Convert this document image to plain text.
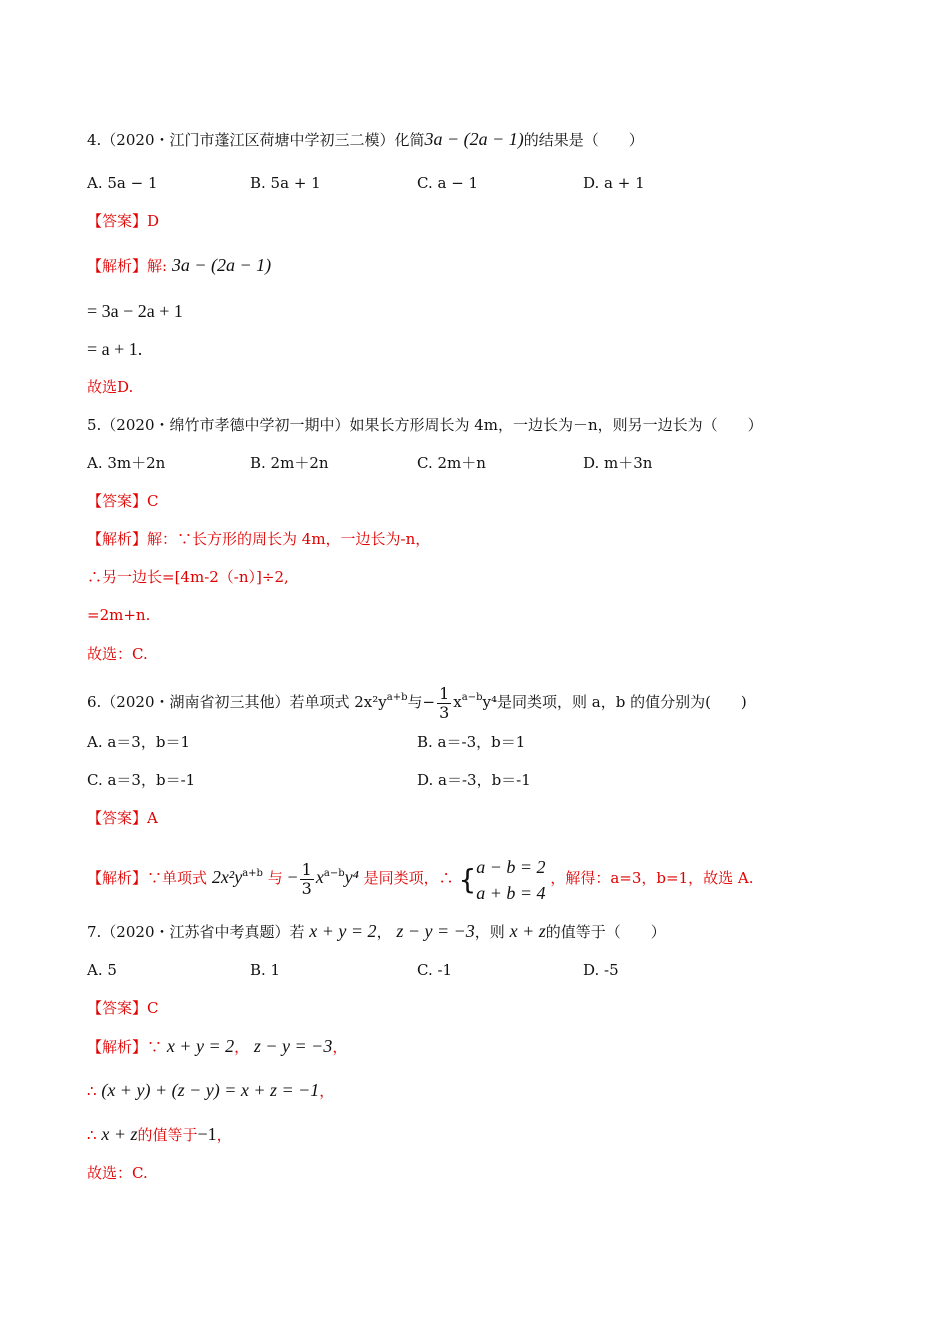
4.（2020・江门市蓬江区荷塘中学初三二模）化简3a − (2a − 1)的结果是（　　）
A. 5a − 1	B. 5a + 1	C. a − 1	D. a + 1
【答案】D
【解析】解: 3a − (2a − 1)
= 3a − 2a + 1
= a + 1.
故选D.
5.（2020・绵竹市孝德中学初一期中）如果长方形周长为 4m，一边长为－n，则另一边长为（　　）
A. 3m＋2n	B. 2m＋2n	C. 2m＋n	D. m＋3n
【答案】C
【解析】解：∵长方形的周长为 4m，一边长为-n，
∴另一边长=[4m-2（-n）]÷2,
=2m+n.
故选：C.
6.（2020・湖南省初三其他）若单项式 $2x^2y^{a+b}$与− $\frac{1}{3} x^{a-b}y^4$是同类项，则 a，b 的值分别为(　　)
A. a＝3，b＝1	B. a＝-3，b＝1
C. a＝3，b＝-1	D. a＝-3，b＝-1
【答案】A
【解析】∵单项式 $2x^2y^{a+b}$ 与 − $\frac{1}{3} x^{a-b}y^4$ 是同类项，∴ { a − b = 2
a + b = 4
，解得：a=3，b=1，故选 A.
7.（2020・江苏省中考真题）若 x + y = 2， z − y = −3，则 x + z的值等于（　　）
A. 5	B. 1	C. -1	D. -5
【答案】C
【解析】∵ x + y = 2， z − y = −3，
∴ (x + y) + (z − y) = x + z = −1，
∴ x + z的值等于−1，
故选：C.
